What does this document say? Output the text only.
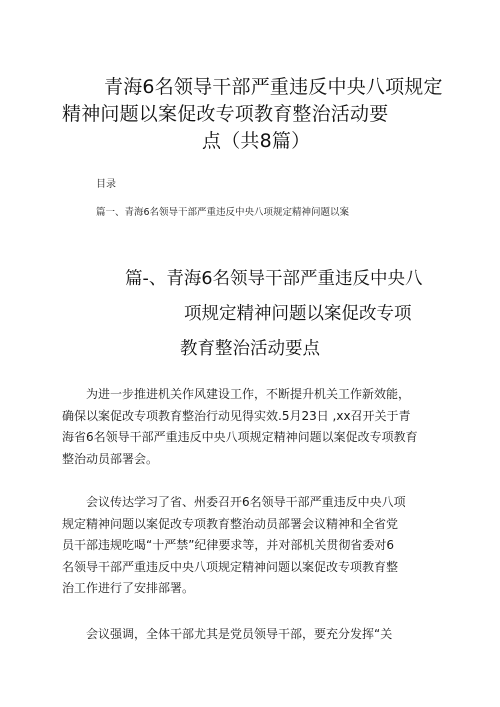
青海6名领导干部严重违反中央八项规定
精神问题以案促改专项教育整治活动要
点（共8篇）
目录
篇一、青海6名领导干部严重违反中央八项规定精神问题以案
篇-、青海6名领导干部严重违反中央八
项规定精神问题以案促改专项
教育整治活动要点
为进一步推进机关作风建设工作，不断提升机关工作新效能，
确保以案促改专项教育整治行动见得实效.5月23日 ,xx召开关于青
海省6名领导干部严重违反中央八项规定精神问题以案促改专项教育
整治动员部署会。
会议传达学习了省、州委召开6名领导干部严重违反中央八项
规定精神问题以案促改专项教育整治动员部署会议精神和全省党
员干部违规吃喝“十严禁”纪律要求等，并对部机关贯彻省委对6
名领导干部严重违反中央八项规定精神问题以案促改专项教育整
治工作进行了安排部署。
会议强调，全体干部尤其是党员领导干部，要充分发挥“关
